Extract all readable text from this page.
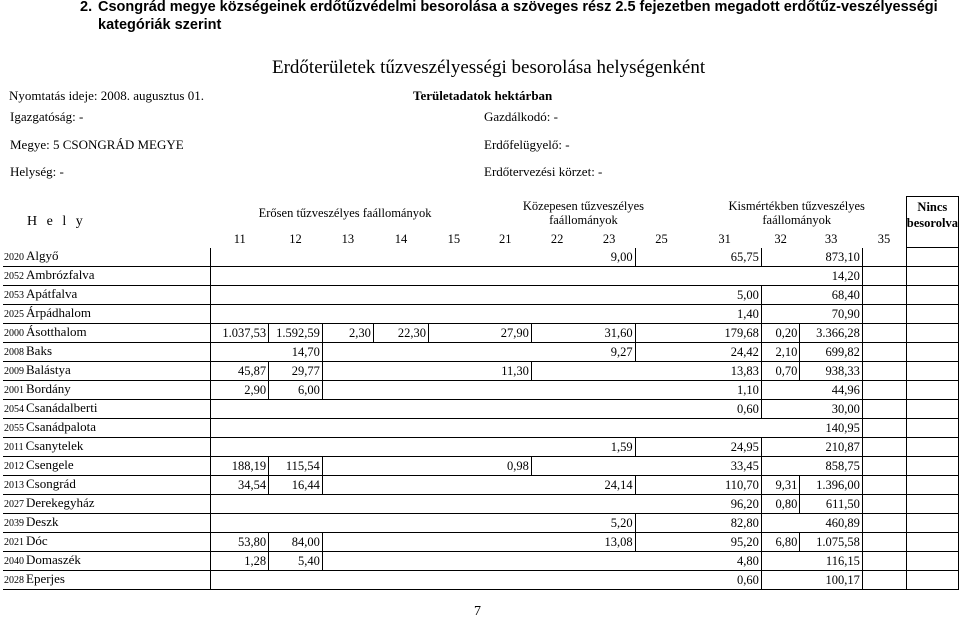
2. Csongrád megye községeinek erdőtűzvédelmi besorolása a szöveges rész 2.5 fejezetben megadott erdőtűz-veszélyességi kategóriák szerint
Erdőterületek tűzveszélyességi besorolása helységenként
Nyomtatás ideje: 2008. augusztus 01.	Területadatok hektárban
Igazgatóság: -
Megye: 5 CSONGRÁD MEGYE
Helység: -
Gazdálkodó: -
Erdőfelügyelő: -
Erdőtervezési körzet: -
H e l y	Erősen tűzveszélyes faállományok					Közepesen tűzveszélyes faállományok				Kismértékben tűzveszélyes faállományok				Nincs besorolva
	11	12	13	14	15	21	22	23	25	31	32	33	35	
2020 Algyő								9,00		65,75		873,10		
2052 Ambrózfalva												14,20		
2053 Apátfalva										5,00		68,40		
2025 Árpádhalom										1,40		70,90		
2000 Ásotthalom	1.037,53	1.592,59	2,30	22,30		27,90		31,60		179,68	0,20	3.366,28		
2008 Baks		14,70						9,27		24,42	2,10	699,82		
2009 Balástya	45,87	29,77				11,30				13,83	0,70	938,33		
2001 Bordány	2,90	6,00								1,10		44,96		
2054 Csanádalberti										0,60		30,00		
2055 Csanádpalota												140,95		
2011 Csanytelek								1,59		24,95		210,87		
2012 Csengele	188,19	115,54				0,98				33,45		858,75		
2013 Csongrád	34,54	16,44						24,14		110,70	9,31	1.396,00		
2027 Derekegyház										96,20	0,80	611,50		
2039 Deszk								5,20		82,80		460,89		
2021 Dóc	53,80	84,00						13,08		95,20	6,80	1.075,58		
2040 Domaszék	1,28	5,40								4,80		116,15		
2028 Eperjes										0,60		100,17		
7
